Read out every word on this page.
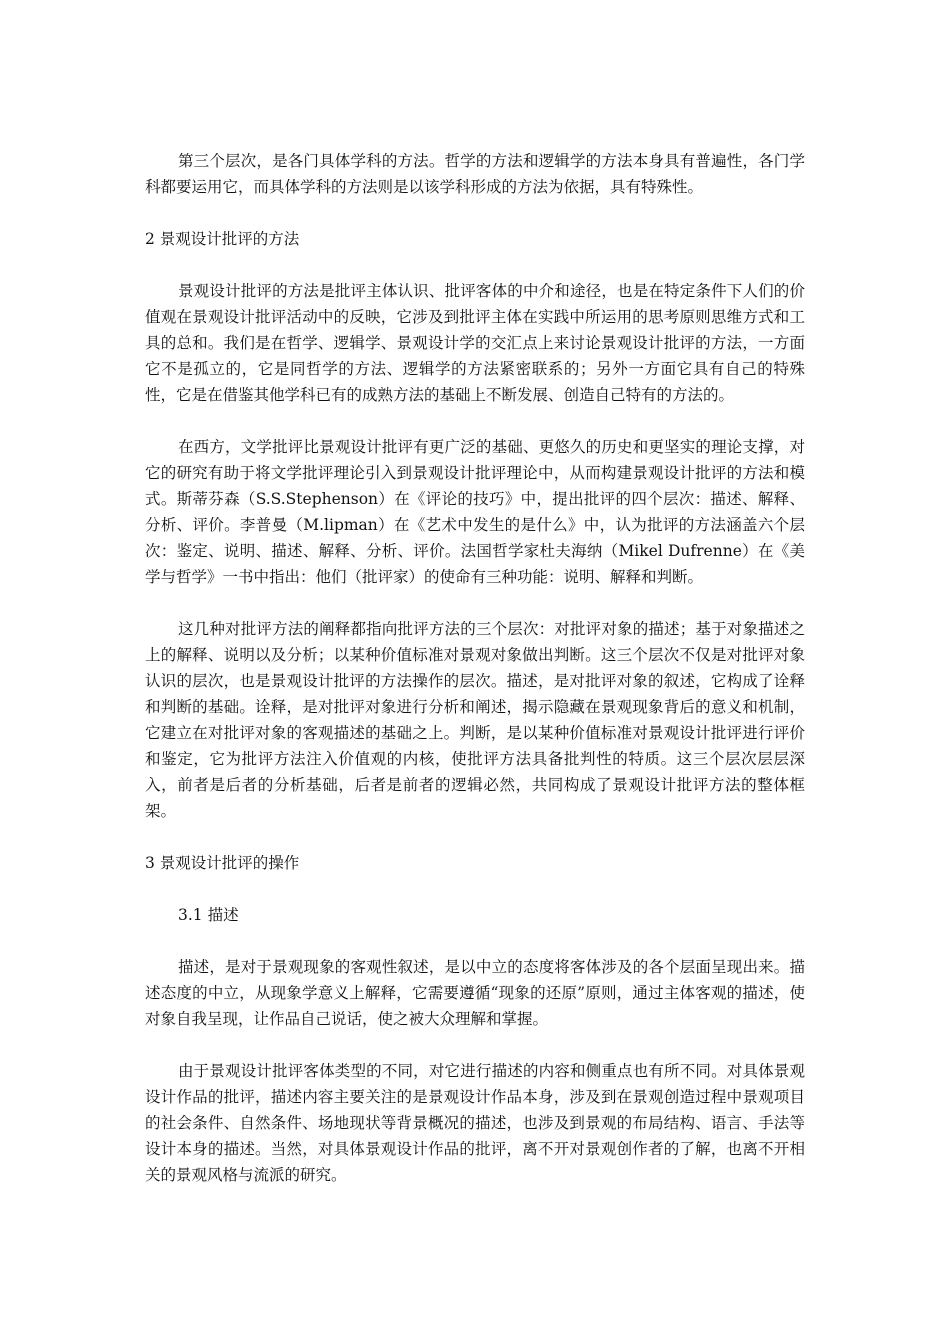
第三个层次，是各门具体学科的方法。哲学的方法和逻辑学的方法本身具有普遍性，各门学科都要运用它，而具体学科的方法则是以该学科形成的方法为依据，具有特殊性。

2 景观设计批评的方法

景观设计批评的方法是批评主体认识、批评客体的中介和途径，也是在特定条件下人们的价值观在景观设计批评活动中的反映，它涉及到批评主体在实践中所运用的思考原则思维方式和工具的总和。我们是在哲学、逻辑学、景观设计学的交汇点上来讨论景观设计批评的方法，一方面它不是孤立的，它是同哲学的方法、逻辑学的方法紧密联系的；另外一方面它具有自己的特殊性，它是在借鉴其他学科已有的成熟方法的基础上不断发展、创造自己特有的方法的。

在西方，文学批评比景观设计批评有更广泛的基础、更悠久的历史和更坚实的理论支撑，对它的研究有助于将文学批评理论引入到景观设计批评理论中，从而构建景观设计批评的方法和模式。斯蒂芬森（S.S.Stephenson）在《评论的技巧》中，提出批评的四个层次：描述、解释、分析、评价。李普曼（M.lipman）在《艺术中发生的是什么》中，认为批评的方法涵盖六个层次：鉴定、说明、描述、解释、分析、评价。法国哲学家杜夫海纳（Mikel Dufrenne）在《美学与哲学》一书中指出：他们（批评家）的使命有三种功能：说明、解释和判断。

这几种对批评方法的阐释都指向批评方法的三个层次：对批评对象的描述；基于对象描述之上的解释、说明以及分析；以某种价值标准对景观对象做出判断。这三个层次不仅是对批评对象认识的层次，也是景观设计批评的方法操作的层次。描述，是对批评对象的叙述，它构成了诠释和判断的基础。诠释，是对批评对象进行分析和阐述，揭示隐藏在景观现象背后的意义和机制，它建立在对批评对象的客观描述的基础之上。判断，是以某种价值标准对景观设计批评进行评价和鉴定，它为批评方法注入价值观的内核，使批评方法具备批判性的特质。这三个层次层层深入，前者是后者的分析基础，后者是前者的逻辑必然，共同构成了景观设计批评方法的整体框架。

3 景观设计批评的操作

3.1 描述

描述，是对于景观现象的客观性叙述，是以中立的态度将客体涉及的各个层面呈现出来。描述态度的中立，从现象学意义上解释，它需要遵循“现象的还原”原则，通过主体客观的描述，使对象自我呈现，让作品自己说话，使之被大众理解和掌握。

由于景观设计批评客体类型的不同，对它进行描述的内容和侧重点也有所不同。对具体景观设计作品的批评，描述内容主要关注的是景观设计作品本身，涉及到在景观创造过程中景观项目的社会条件、自然条件、场地现状等背景概况的描述，也涉及到景观的布局结构、语言、手法等设计本身的描述。当然，对具体景观设计作品的批评，离不开对景观创作者的了解，也离不开相关的景观风格与流派的研究。
